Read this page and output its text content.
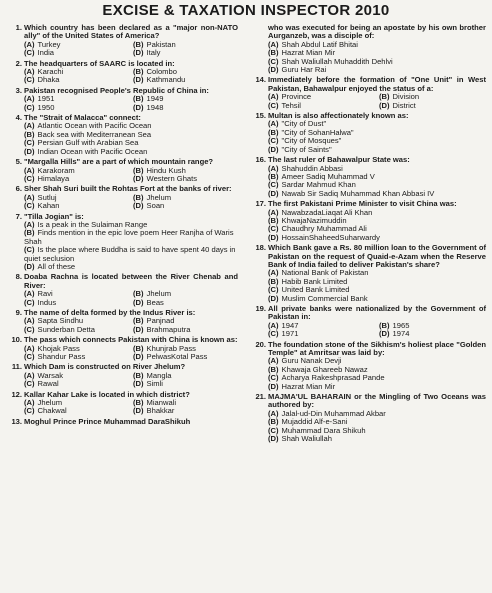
EXCISE & TAXATION INSPECTOR 2010
1. Which country has been declared as a "major non-NATO ally" of the United States of America?
(A) Turkey	(B) Pakistan
(C) India	(D) Italy
2. The headquarters of SAARC is located in:
(A) Karachi	(B) Colombo
(C) Dhaka	(D) Kathmandu
3. Pakistan recognised People's Republic of China in:
(A) 1951	(B) 1949
(C) 1950	(D) 1948
4. The "Strait of Malacca" connect:
(A) Atlantic Ocean with Pacific Ocean
(B) Back sea with Mediterranean Sea
(C) Persian Gulf with Arabian Sea
(D) Indian Ocean with Pacific Ocean
5. "Margalla Hills" are a part of which mountain range?
(A) Karakoram	(B) Hindu Kush
(C) Himalaya	(D) Western Ghats
6. Sher Shah Suri built the Rohtas Fort at the banks of river:
(A) Sutluj	(B) Jhelum
(C) Kahan	(D) Soan
7. "Tilla Jogian" is:
(A) Is a peak in the Sulaiman Range
(B) Finds mention in the epic love poem Heer Ranjha of Waris Shah
(C) Is the place where Buddha is said to have spent 40 days in quiet seclusion
(D) All of these
8. Doaba Rachna is located between the River Chenab and River:
(A) Ravi	(B) Jhelum
(C) Indus	(D) Beas
9. The name of delta formed by the Indus River is:
(A) Sapta Sindhu	(B) Panjnad
(C) Sunderban Detta	(D) Brahmaputra
10. The pass which connects Pakistan with China is known as:
(A) Khojak Pass	(B) Khunjrab Pass
(C) Shandur Pass	(D) PelwasKotal Pass
11. Which Dam is constructed on River Jhelum?
(A) Warsak	(B) Mangla
(C) Rawal	(D) Simli
12. Kallar Kahar Lake is located in which district?
(A) Jhelum	(B) Mianwali
(C) Chakwal	(D) Bhakkar
13. Moghul Prince Prince Muhammad DaraShikuh
who was executed for being an apostate by his own brother Aurganzeb, was a disciple of:
(A) Shah Abdul Latif Bhitai
(B) Hazrat Mian Mir
(C) Shah Waliullah Muhaddith Dehlvi
(D) Guru Har Rai
14. Immediately before the formation of "One Unit" in West Pakistan, Bahawalpur enjoyed the status of a:
(A) Province	(B) Division
(C) Tehsil	(D) District
15. Multan is also affectionately known as:
(A) "City of Dust"
(B) "City of SohanHalwa"
(C) "City of Mosques"
(D) "City of Saints"
16. The last ruler of Bahawalpur State was:
(A) Shahuddin Abbasi
(B) Ameer Sadiq Muhammad V
(C) Sardar Mahmud Khan
(D) Nawab Sir Sadiq Muhammad Khan Abbasi IV
17. The first Pakistani Prime Minister to visit China was:
(A) NawabzadaLiaqat Ali Khan
(B) KhwajaNazimuddin
(C) Chaudhry Muhammad Ali
(D) HossainShaheedSuharwardy
18. Which Bank gave a Rs. 80 million loan to the Government of Pakistan on the request of Quaid-e-Azam when the Reserve Bank of India failed to deliver Pakistan's share?
(A) National Bank of Pakistan
(B) Habib Bank Limited
(C) United Bank Limited
(D) Muslim Commercial Bank
19. All private banks were nationalized by the Government of Pakistan in:
(A) 1947	(B) 1965
(C) 1971	(D) 1974
20. The foundation stone of the Sikhism's holiest place "Golden Temple" at Amritsar was laid by:
(A) Guru Nanak Devji
(B) Khawaja Ghareeb Nawaz
(C) Acharya Rakeshprasad Pande
(D) Hazrat Mian Mir
21. MAJMA'UL BAHARAIN or the Mingling of Two Oceans was authored by:
(A) Jalal-ud-Din Muhammad Akbar
(B) Mujaddid Alf-e-Sani
(C) Muhammad Dara Shikuh
(D) Shah Waliullah
